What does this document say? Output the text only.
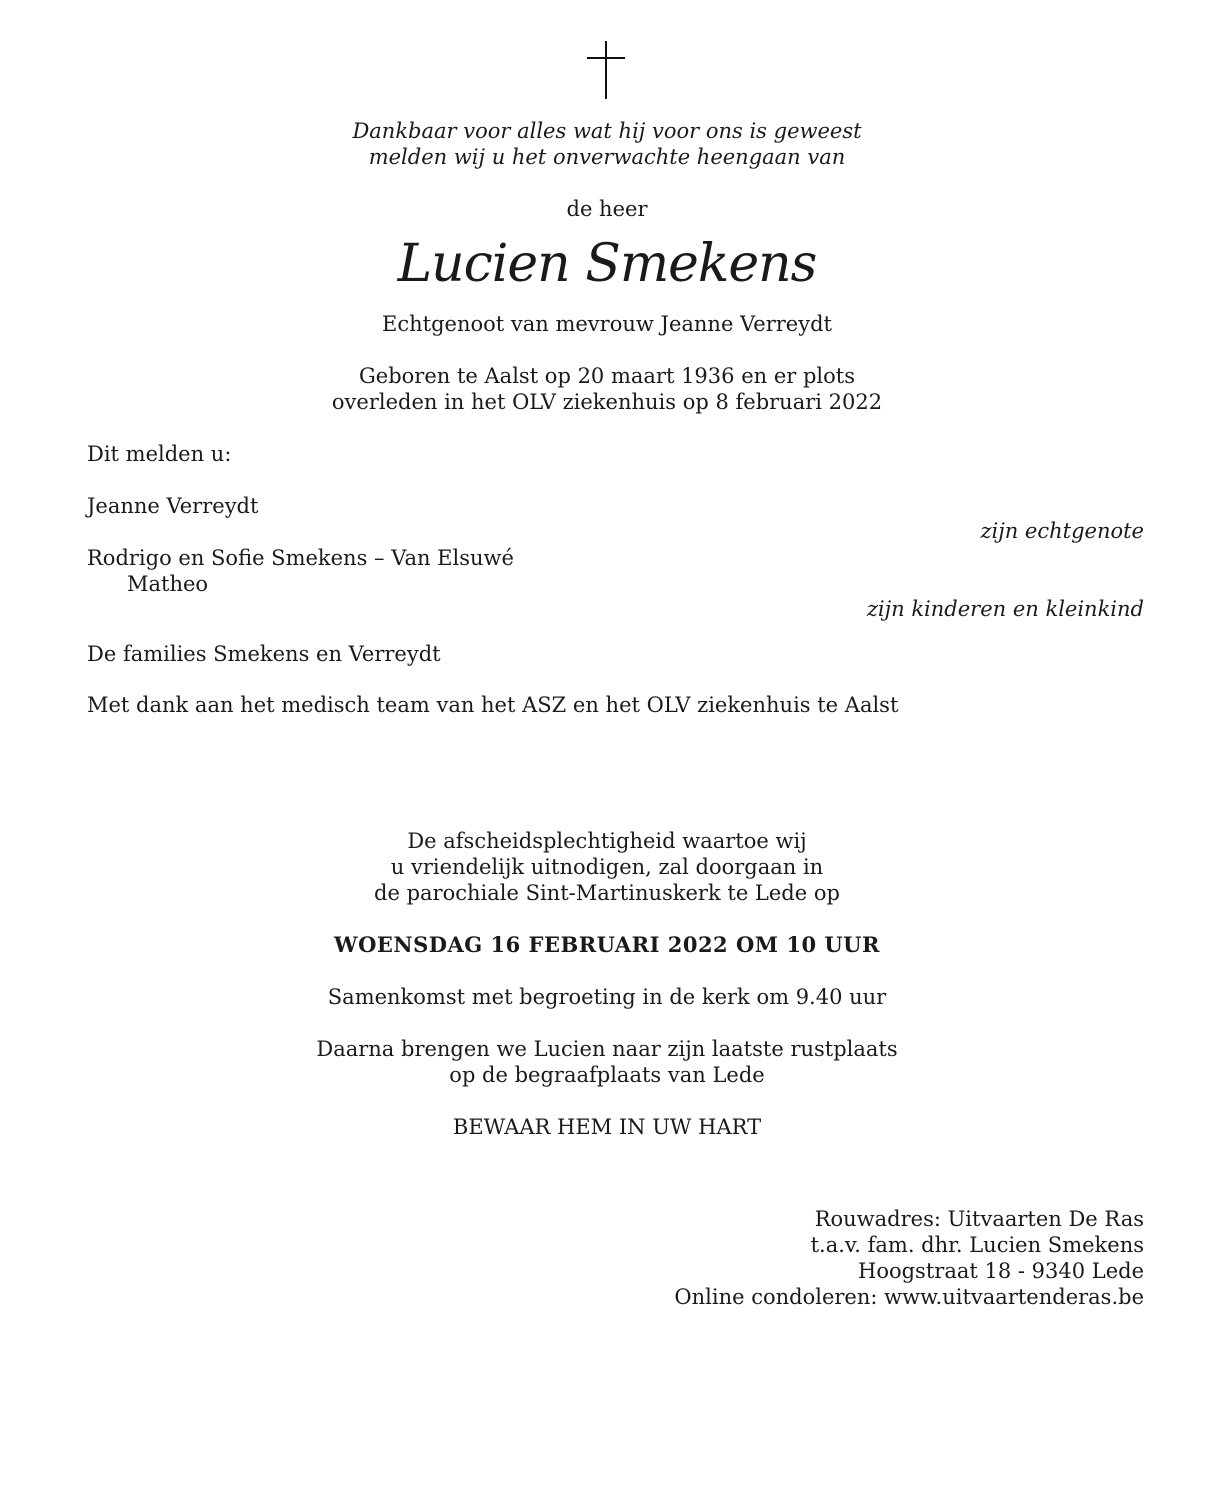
Dankbaar voor alles wat hij voor ons is geweest
melden wij u het onverwachte heengaan van
de heer
Lucien Smekens
Echtgenoot van mevrouw Jeanne Verreydt
Geboren te Aalst op 20 maart 1936 en er plots
overleden in het OLV ziekenhuis op 8 februari 2022
Dit melden u:
Jeanne Verreydt
zijn echtgenote
Rodrigo en Sofie Smekens – Van Elsuwé
Matheo
zijn kinderen en kleinkind
De families Smekens en Verreydt
Met dank aan het medisch team van het ASZ en het OLV ziekenhuis te Aalst
De afscheidsplechtigheid waartoe wij
u vriendelijk uitnodigen, zal doorgaan in
de parochiale Sint-Martinuskerk te Lede op
WOENSDAG 16 FEBRUARI 2022 OM 10 UUR
Samenkomst met begroeting in de kerk om 9.40 uur
Daarna brengen we Lucien naar zijn laatste rustplaats
op de begraafplaats van Lede
BEWAAR HEM IN UW HART
Rouwadres: Uitvaarten De Ras
t.a.v. fam. dhr. Lucien Smekens
Hoogstraat 18 - 9340 Lede
Online condoleren: www.uitvaartenderas.be
